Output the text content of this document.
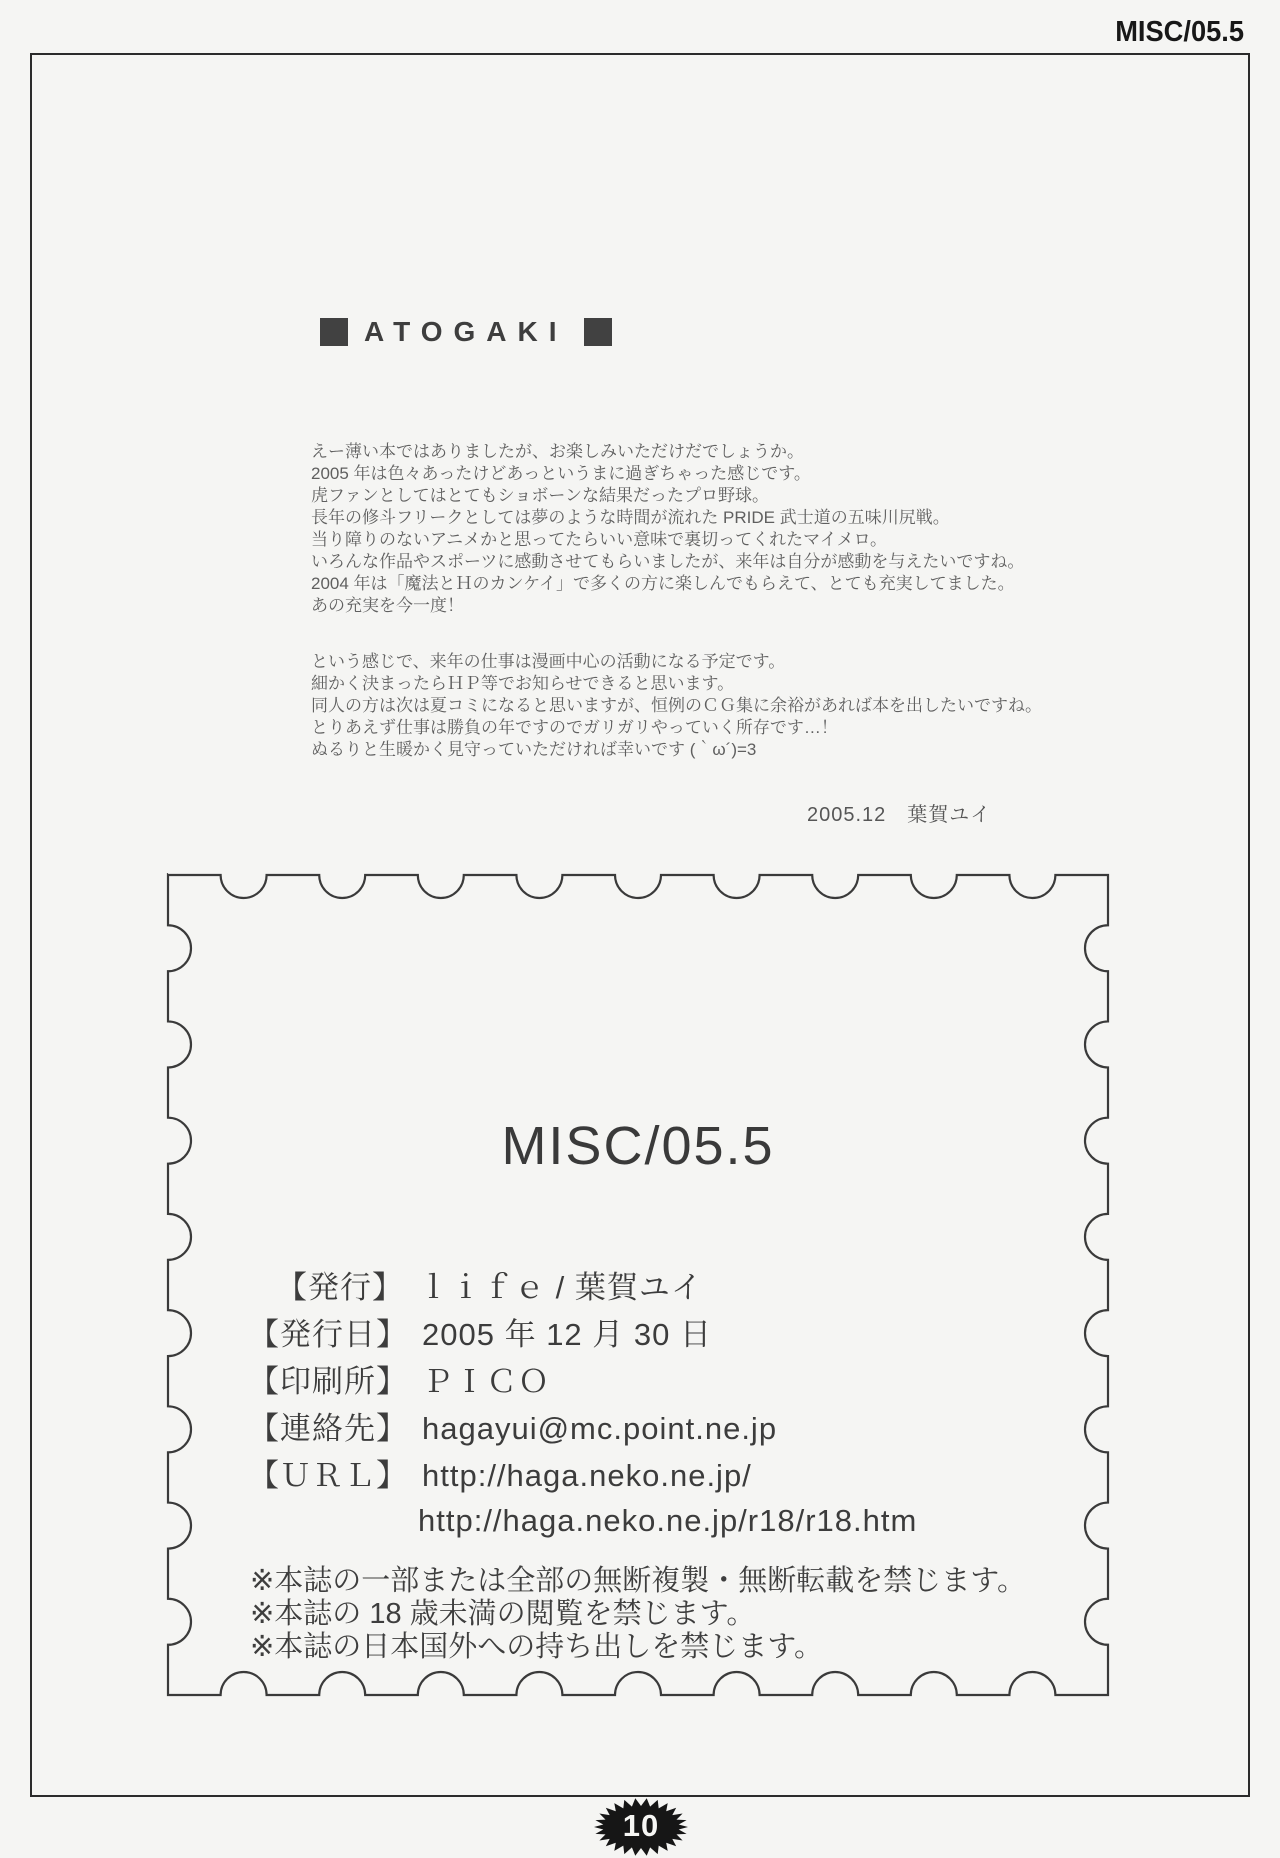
MISC/05.5
ATOGAKI
えー薄い本ではありましたが、お楽しみいただけだでしょうか。
2005 年は色々あったけどあっというまに過ぎちゃった感じです。
虎ファンとしてはとてもショボーンな結果だったプロ野球。
長年の修斗フリークとしては夢のような時間が流れた PRIDE 武士道の五味川尻戦。
当り障りのないアニメかと思ってたらいい意味で裏切ってくれたマイメロ。
いろんな作品やスポーツに感動させてもらいましたが、来年は自分が感動を与えたいですね。
2004 年は「魔法とＨのカンケイ」で多くの方に楽しんでもらえて、とても充実してました。
あの充実を今一度！
という感じで、来年の仕事は漫画中心の活動になる予定です。
細かく決まったらＨＰ等でお知らせできると思います。
同人の方は次は夏コミになると思いますが、恒例のＣＧ集に余裕があれば本を出したいですね。
とりあえず仕事は勝負の年ですのでガリガリやっていく所存です…！
ぬるりと生暖かく見守っていただければ幸いです (｀ω´)=3
2005.12　葉賀ユイ
MISC/05.5
【発行】 ｌｉｆｅ / 葉賀ユイ
【発行日】 2005 年 12 月 30 日
【印刷所】 ＰＩＣＯ
【連絡先】 hagayui@mc.point.ne.jp
【ＵＲＬ】 http://haga.neko.ne.jp/
http://haga.neko.ne.jp/r18/r18.htm
※本誌の一部または全部の無断複製・無断転載を禁じます。
※本誌の 18 歳未満の閲覧を禁じます。
※本誌の日本国外への持ち出しを禁じます。
10
